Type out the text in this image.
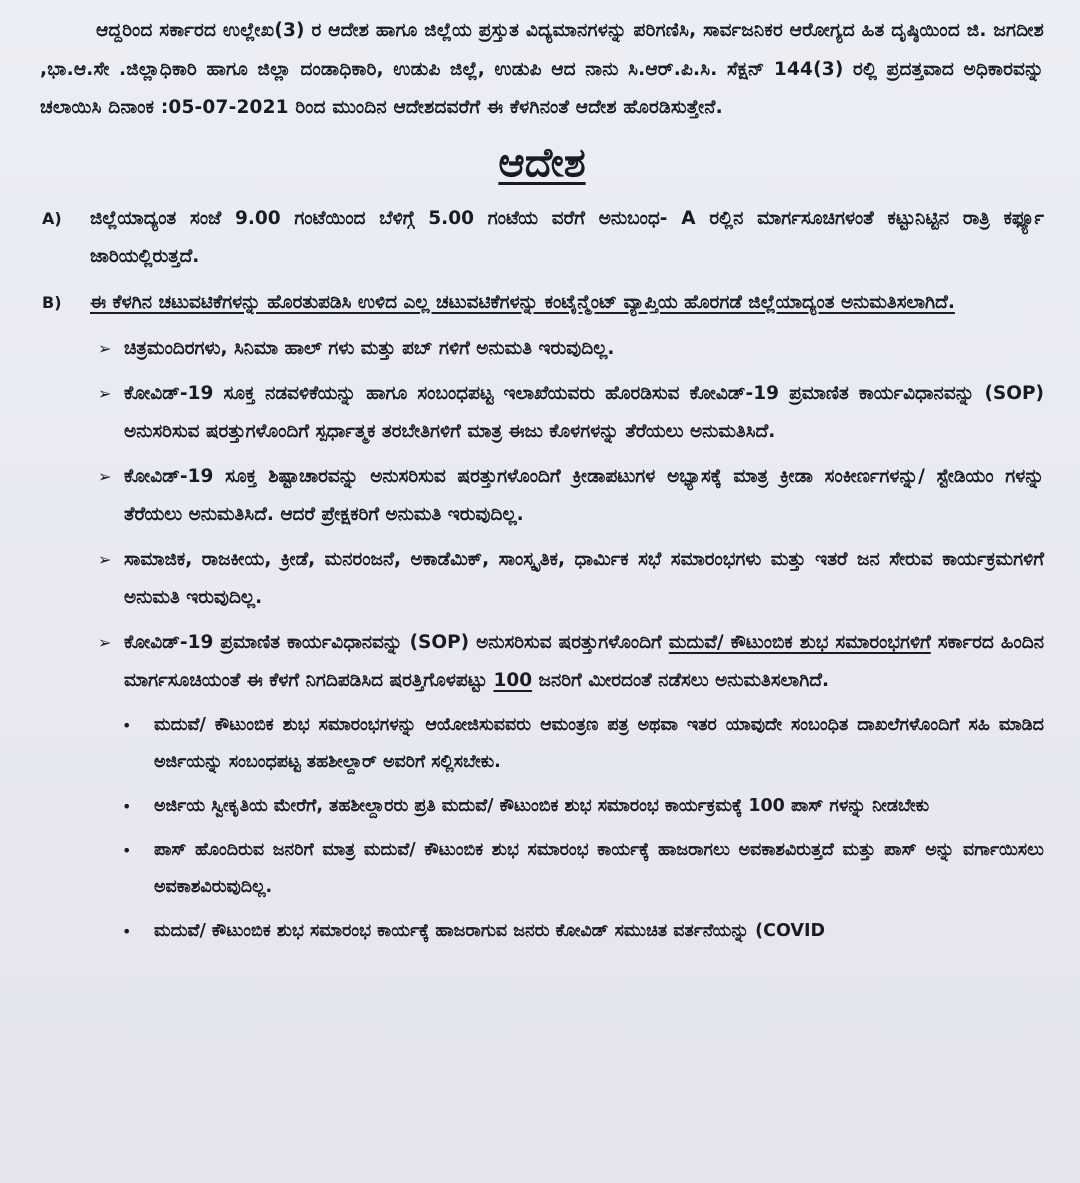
ಆದ್ದರಿಂದ ಸರ್ಕಾರದ ಉಲ್ಲೇಖ(3) ರ ಆದೇಶ ಹಾಗೂ ಜಿಲ್ಲೆಯ ಪ್ರಸ್ತುತ ವಿದ್ಯಮಾನಗಳನ್ನು ಪರಿಗಣಿಸಿ, ಸಾರ್ವಜನಿಕರ ಆರೋಗ್ಯದ ಹಿತ ದೃಷ್ಠಿಯಿಂದ ಜಿ. ಜಗದೀಶ ,ಭಾ.ಆ.ಸೇ .ಜಿಲ್ಲಾಧಿಕಾರಿ ಹಾಗೂ ಜಿಲ್ಲಾ ದಂಡಾಧಿಕಾರಿ, ಉಡುಪಿ ಜಿಲ್ಲೆ, ಉಡುಪಿ ಆದ ನಾನು ಸಿ.ಆರ್.ಪಿ.ಸಿ. ಸೆಕ್ಷನ್ 144(3) ರಲ್ಲಿ ಪ್ರದತ್ತವಾದ ಅಧಿಕಾರವನ್ನು ಚಲಾಯಿಸಿ ದಿನಾಂಕ :05-07-2021 ರಿಂದ ಮುಂದಿನ ಆದೇಶದವರೆಗೆ ಈ ಕೆಳಗಿನಂತೆ ಆದೇಶ ಹೊರಡಿಸುತ್ತೇನೆ.

ಆದೇಶ
A)	ಜಿಲ್ಲೆಯಾದ್ಯಂತ ಸಂಜೆ 9.00 ಗಂಟೆಯಿಂದ ಬೆಳಿಗ್ಗೆ 5.00 ಗಂಟೆಯ ವರೆಗೆ ಅನುಬಂಧ- A ರಲ್ಲಿನ ಮಾರ್ಗಸೂಚಿಗಳಂತೆ ಕಟ್ಟುನಿಟ್ಟಿನ ರಾತ್ರಿ ಕರ್ಫ್ಯೂ ಜಾರಿಯಲ್ಲಿರುತ್ತದೆ.
B)	ಈ ಕೆಳಗಿನ ಚಟುವಟಿಕೆಗಳನ್ನು ಹೊರತುಪಡಿಸಿ ಉಳಿದ ಎಲ್ಲ ಚಟುವಟಿಕೆಗಳನ್ನು ಕಂಟೈನ್ಮೆಂಟ್ ವ್ಯಾಪ್ತಿಯ ಹೊರಗಡೆ ಜಿಲ್ಲೆಯಾದ್ಯಂತ ಅನುಮತಿಸಲಾಗಿದೆ.
➢ ಚಿತ್ರಮಂದಿರಗಳು, ಸಿನಿಮಾ ಹಾಲ್ ಗಳು ಮತ್ತು ಪಬ್ ಗಳಿಗೆ ಅನುಮತಿ ಇರುವುದಿಲ್ಲ.
➢ ಕೋವಿಡ್-19 ಸೂಕ್ತ ನಡವಳಿಕೆಯನ್ನು ಹಾಗೂ ಸಂಬಂಧಪಟ್ಟ ಇಲಾಖೆಯವರು ಹೊರಡಿಸುವ ಕೋವಿಡ್-19 ಪ್ರಮಾಣಿತ ಕಾರ್ಯವಿಧಾನವನ್ನು (SOP) ಅನುಸರಿಸುವ ಷರತ್ತುಗಳೊಂದಿಗೆ ಸ್ಪರ್ಧಾತ್ಮಕ ತರಬೇತಿಗಳಿಗೆ ಮಾತ್ರ ಈಜು ಕೊಳಗಳನ್ನು ತೆರೆಯಲು ಅನುಮತಿಸಿದೆ.
➢ ಕೋವಿಡ್-19 ಸೂಕ್ತ ಶಿಷ್ಟಾಚಾರವನ್ನು ಅನುಸರಿಸುವ ಷರತ್ತುಗಳೊಂದಿಗೆ ಕ್ರೀಡಾಪಟುಗಳ ಅಭ್ಯಾಸಕ್ಕೆ ಮಾತ್ರ ಕ್ರೀಡಾ ಸಂಕೀರ್ಣಗಳನ್ನು/ ಸ್ಟೇಡಿಯಂ ಗಳನ್ನು ತೆರೆಯಲು ಅನುಮತಿಸಿದೆ. ಆದರೆ ಪ್ರೇಕ್ಷಕರಿಗೆ ಅನುಮತಿ ಇರುವುದಿಲ್ಲ.
➢ ಸಾಮಾಜಿಕ, ರಾಜಕೀಯ, ಕ್ರೀಡೆ, ಮನರಂಜನೆ, ಅಕಾಡೆಮಿಕ್, ಸಾಂಸ್ಕೃತಿಕ, ಧಾರ್ಮಿಕ ಸಭೆ ಸಮಾರಂಭಗಳು ಮತ್ತು ಇತರೆ ಜನ ಸೇರುವ ಕಾರ್ಯಕ್ರಮಗಳಿಗೆ ಅನುಮತಿ ಇರುವುದಿಲ್ಲ.
➢ ಕೋವಿಡ್-19 ಪ್ರಮಾಣಿತ ಕಾರ್ಯವಿಧಾನವನ್ನು (SOP) ಅನುಸರಿಸುವ ಷರತ್ತುಗಳೊಂದಿಗೆ ಮದುವೆ/ ಕೌಟುಂಬಿಕ ಶುಭ ಸಮಾರಂಭಗಳಿಗೆ ಸರ್ಕಾರದ ಹಿಂದಿನ ಮಾರ್ಗಸೂಚಿಯಂತೆ ಈ ಕೆಳಗೆ ನಿಗದಿಪಡಿಸಿದ ಷರತ್ತಿಗೊಳಪಟ್ಟು 100 ಜನರಿಗೆ ಮೀರದಂತೆ ನಡೆಸಲು ಅನುಮತಿಸಲಾಗಿದೆ.
•	ಮದುವೆ/ ಕೌಟುಂಬಿಕ ಶುಭ ಸಮಾರಂಭಗಳನ್ನು ಆಯೋಜಿಸುವವರು ಆಮಂತ್ರಣ ಪತ್ರ ಅಥವಾ ಇತರ ಯಾವುದೇ ಸಂಬಂಧಿತ ದಾಖಲೆಗಳೊಂದಿಗೆ ಸಹಿ ಮಾಡಿದ ಅರ್ಜಿಯನ್ನು ಸಂಬಂಧಪಟ್ಟ ತಹಶೀಲ್ದಾರ್ ಅವರಿಗೆ ಸಲ್ಲಿಸಬೇಕು.
•	ಅರ್ಜಿಯ ಸ್ವೀಕೃತಿಯ ಮೇರೆಗೆ, ತಹಶೀಲ್ದಾರರು ಪ್ರತಿ ಮದುವೆ/ ಕೌಟುಂಬಿಕ ಶುಭ ಸಮಾರಂಭ ಕಾರ್ಯಕ್ರಮಕ್ಕೆ 100 ಪಾಸ್ ಗಳನ್ನು ನೀಡಬೇಕು
•	ಪಾಸ್ ಹೊಂದಿರುವ ಜನರಿಗೆ ಮಾತ್ರ ಮದುವೆ/ ಕೌಟುಂಬಿಕ ಶುಭ ಸಮಾರಂಭ ಕಾರ್ಯಕ್ಕೆ ಹಾಜರಾಗಲು ಅವಕಾಶವಿರುತ್ತದೆ ಮತ್ತು ಪಾಸ್ ಅನ್ನು ವರ್ಗಾಯಿಸಲು ಅವಕಾಶವಿರುವುದಿಲ್ಲ.
•	ಮದುವೆ/ ಕೌಟುಂಬಿಕ ಶುಭ ಸಮಾರಂಭ ಕಾರ್ಯಕ್ಕೆ ಹಾಜರಾಗುವ ಜನರು ಕೋವಿಡ್ ಸಮುಚಿತ ವರ್ತನೆಯನ್ನು (COVID
